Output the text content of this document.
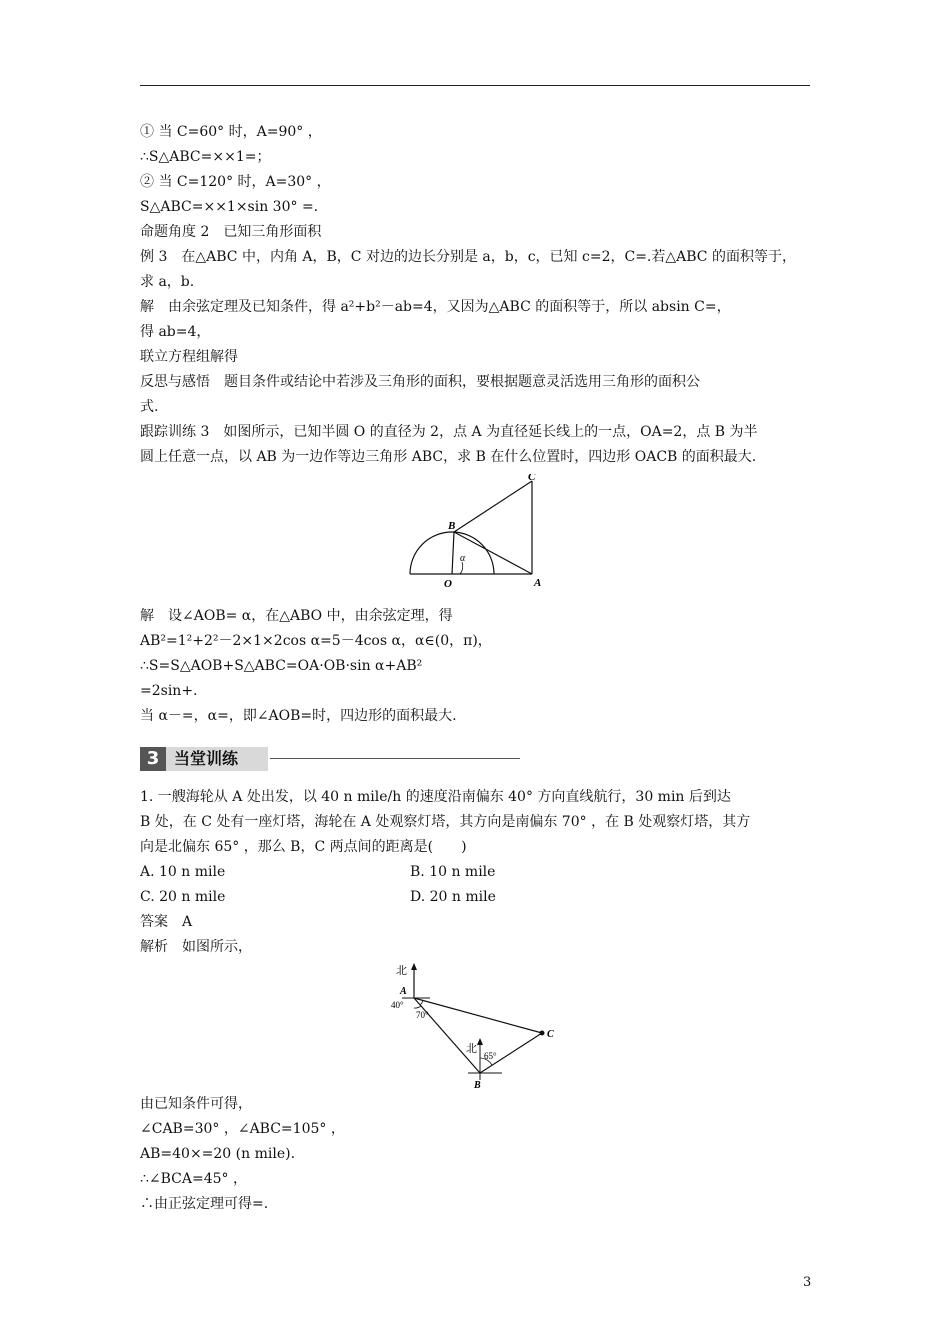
① 当 C=60° 时，A=90° ，

∴S△ABC=××1=；

② 当 C=120° 时，A=30° ，

S△ABC=××1×sin 30° =.

命题角度 2　已知三角形面积

例 3　在△ABC 中，内角 A，B，C 对边的边长分别是 a，b，c，已知 c=2，C=.若△ABC 的面积等于，

求 a，b.

解　由余弦定理及已知条件，得 a²+b²－ab=4，又因为△ABC 的面积等于，所以 absin C=，

得 ab=4，

联立方程组解得

反思与感悟　题目条件或结论中若涉及三角形的面积，要根据题意灵活选用三角形的面积公

式.

跟踪训练 3　如图所示，已知半圆 O 的直径为 2，点 A 为直径延长线上的一点，OA=2，点 B 为半

圆上任意一点，以 AB 为一边作等边三角形 ABC，求 B 在什么位置时，四边形 OACB 的面积最大.

C
B
O	A
α

解　设∠AOB= α，在△ABO 中，由余弦定理，得

AB²=1²+2²－2×1×2cos α=5－4cos α，α∈(0，π)，

∴S=S△AOB+S△ABC=OA·OB·sin α+AB²

=2sin+.

当 α－=，α=，即∠AOB=时，四边形的面积最大.

3 当堂训练

1. 一艘海轮从 A 处出发，以 40 n mile/h 的速度沿南偏东 40° 方向直线航行，30 min 后到达

B 处，在 C 处有一座灯塔，海轮在 A 处观察灯塔，其方向是南偏东 70° ，在 B 处观察灯塔，其方

向是北偏东 65° ，那么 B，C 两点间的距离是(　　)

A. 10 n mile	B. 10 n mile
C. 20 n mile	D. 20 n mile

答案　A

解析　如图所示，

北
A
40°
70°
北
65°
B
C

由已知条件可得，

∠CAB=30° ，∠ABC=105° ，

AB=40×=20 (n mile).

∴∠BCA=45° ，

∴由正弦定理可得=.

3
